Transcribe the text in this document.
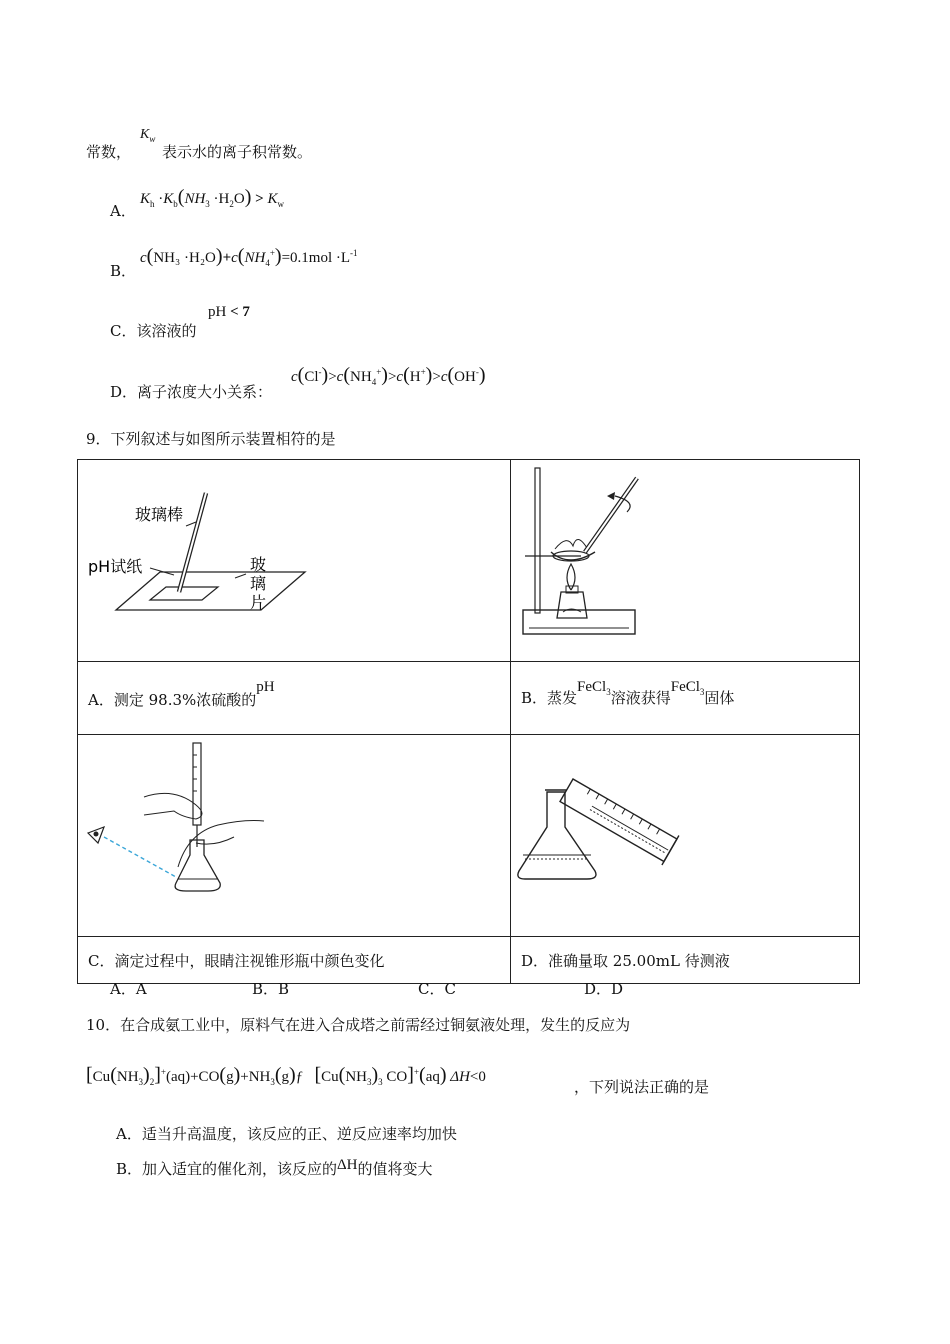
常数，
$K_w$
表示水的离子积常数。
A．
$K_h \cdot K_b(NH_3 \cdot H_2O) > K_w$
B．
$c(NH_3 \cdot H_2O)+c(NH_4^+)=0.1mol \cdot L^{-1}$
C．该溶液的
pH < 7
D．离子浓度大小关系：
$c(Cl^-)>c(NH_4^+)>c(H^+)>c(OH^-)$
9．下列叙述与如图所示装置相符的是
玻璃棒
pH试纸 玻
璃
片

A．测定 98.3%浓硫酸的$^{pH}$	B．蒸发FeCl$_3$溶液获得FeCl$_3$固体

C．滴定过程中，眼睛注视锥形瓶中颜色变化	D．准确量取 25.00mL 待测液
A．A	B．B	C．C	D．D
10．在合成氨工业中，原料气在进入合成塔之前需经过铜氨液处理，发生的反应为
$[Cu(NH_3)_2]^+(aq)+CO(g)+NH_3(g)ƒ$ [$Cu(NH_3)_3$ CO]+(aq) ΔH<0
，下列说法正确的是
A．适当升高温度，该反应的正、逆反应速率均加快
B．加入适宜的催化剂，该反应的ΔH的值将变大
